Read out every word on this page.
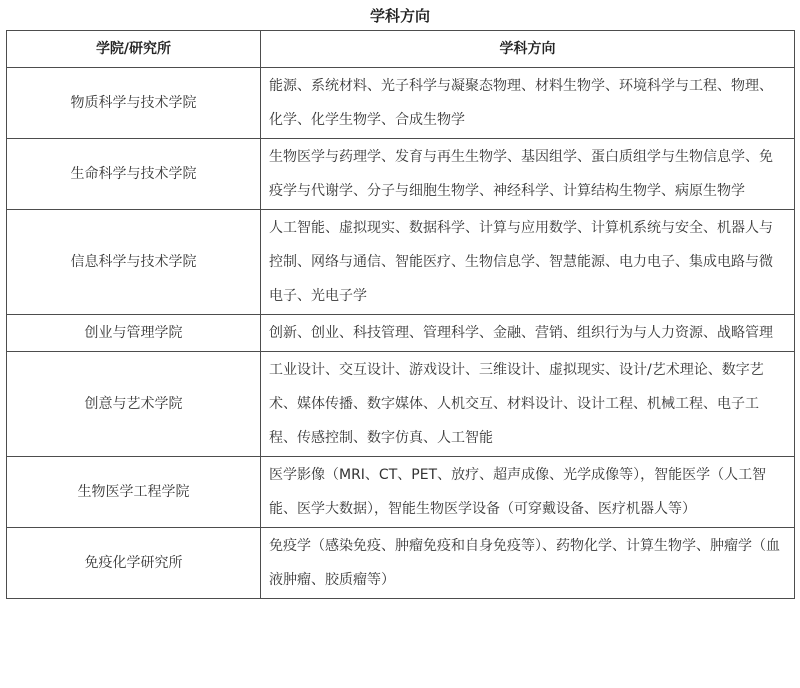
学科方向
学院/研究所	学科方向
物质科学与技术学院	能源、系统材料、光子科学与凝聚态物理、材料生物学、环境科学与工程、物理、化学、化学生物学、合成生物学
生命科学与技术学院	生物医学与药理学、发育与再生生物学、基因组学、蛋白质组学与生物信息学、免疫学与代谢学、分子与细胞生物学、神经科学、计算结构生物学、病原生物学
信息科学与技术学院	人工智能、虚拟现实、数据科学、计算与应用数学、计算机系统与安全、机器人与控制、网络与通信、智能医疗、生物信息学、智慧能源、电力电子、集成电路与微电子、光电子学
创业与管理学院	创新、创业、科技管理、管理科学、金融、营销、组织行为与人力资源、战略管理
创意与艺术学院	工业设计、交互设计、游戏设计、三维设计、虚拟现实、设计/艺术理论、数字艺术、媒体传播、数字媒体、人机交互、材料设计、设计工程、机械工程、电子工程、传感控制、数字仿真、人工智能
生物医学工程学院	医学影像（MRI、CT、PET、放疗、超声成像、光学成像等），智能医学（人工智能、医学大数据），智能生物医学设备（可穿戴设备、医疗机器人等）
免疫化学研究所	免疫学（感染免疫、肿瘤免疫和自身免疫等）、药物化学、计算生物学、肿瘤学（血液肿瘤、胶质瘤等）
